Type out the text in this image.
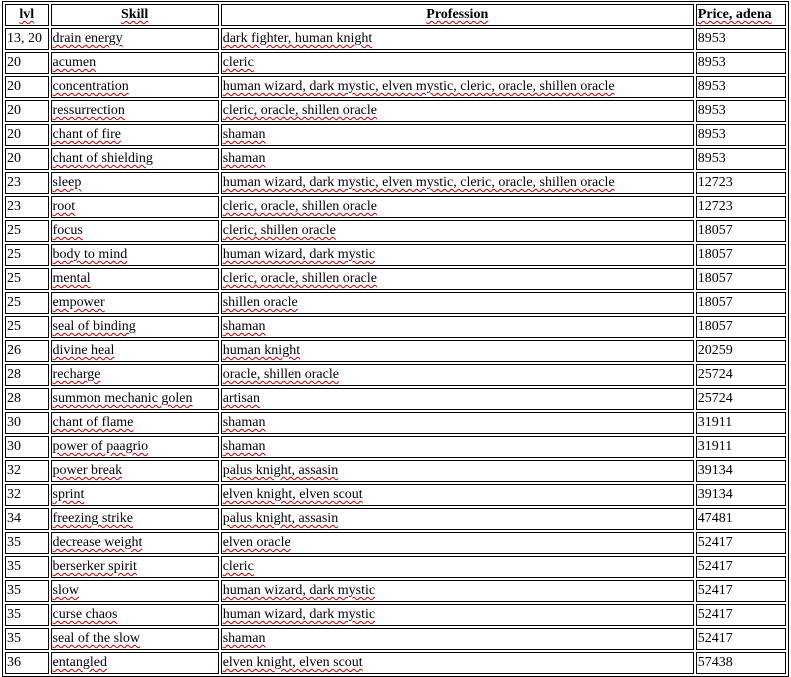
lvl	Skill	Profession	Price, adena
13, 20	drain energy	dark fighter, human knight	8953
20	acumen	cleric	8953
20	concentration	human wizard, dark mystic, elven mystic, cleric, oracle, shillen oracle	8953
20	ressurrection	cleric, oracle, shillen oracle	8953
20	chant of fire	shaman	8953
20	chant of shielding	shaman	8953
23	sleep	human wizard, dark mystic, elven mystic, cleric, oracle, shillen oracle	12723
23	root	cleric, oracle, shillen oracle	12723
25	focus	cleric, shillen oracle	18057
25	body to mind	human wizard, dark mystic	18057
25	mental	cleric, oracle, shillen oracle	18057
25	empower	shillen oracle	18057
25	seal of binding	shaman	18057
26	divine heal	human knight	20259
28	recharge	oracle, shillen oracle	25724
28	summon mechanic golen	artisan	25724
30	chant of flame	shaman	31911
30	power of paagrio	shaman	31911
32	power break	palus knight, assasin	39134
32	sprint	elven knight, elven scout	39134
34	freezing strike	palus knight, assasin	47481
35	decrease weight	elven oracle	52417
35	berserker spirit	cleric	52417
35	slow	human wizard, dark mystic	52417
35	curse chaos	human wizard, dark mystic	52417
35	seal of the slow	shaman	52417
36	entangled	elven knight, elven scout	57438
